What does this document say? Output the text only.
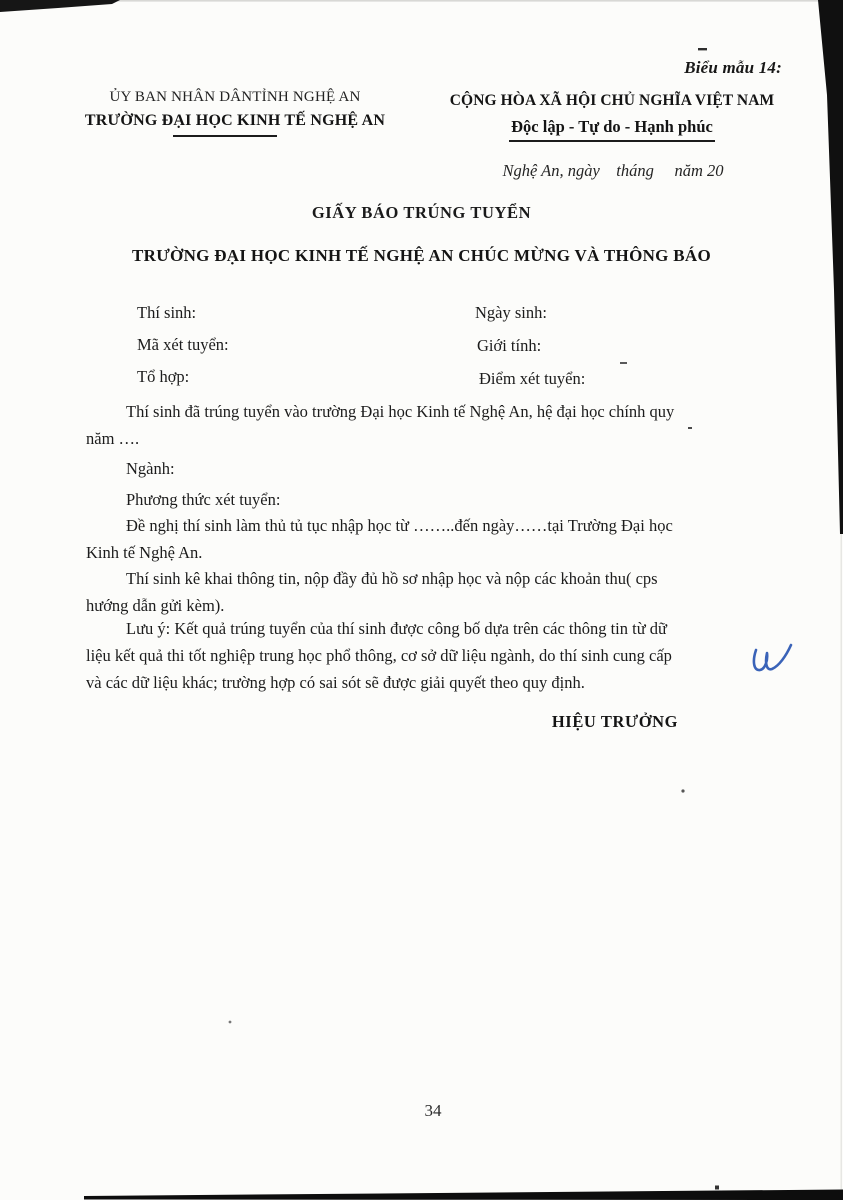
Biểu mẫu 14:
ỦY BAN NHÂN DÂNTỈNH NGHỆ AN
TRƯỜNG ĐẠI HỌC KINH TẾ NGHỆ AN
CỘNG HÒA XÃ HỘI CHỦ NGHĨA VIỆT NAM
Độc lập - Tự do - Hạnh phúc
Nghệ An, ngày    tháng     năm 20
GIẤY BÁO TRÚNG TUYỂN
TRƯỜNG ĐẠI HỌC KINH TẾ NGHỆ AN CHÚC MỪNG VÀ THÔNG BÁO
Thí sinh:	Ngày sinh:
Mã xét tuyển:	Giới tính:
Tổ hợp:	Điểm xét tuyển:
Thí sinh đã trúng tuyển vào trường Đại học Kinh tế Nghệ An, hệ đại học chính quy
năm ….
Ngành:
Phương thức xét tuyển:
Đề nghị thí sinh làm thủ tủ tục nhập học từ ……..đến ngày……tại Trường Đại học
Kinh tế Nghệ An.
Thí sinh kê khai thông tin, nộp đầy đủ hồ sơ nhập học và nộp các khoản thu( cps
hướng dẫn gửi kèm).
Lưu ý: Kết quả trúng tuyển của thí sinh được công bố dựa trên các thông tin từ dữ
liệu kết quả thi tốt nghiệp trung học phổ thông, cơ sở dữ liệu ngành, do thí sinh cung cấp
và các dữ liệu khác; trường hợp có sai sót sẽ được giải quyết theo quy định.
HIỆU TRƯỞNG
34
